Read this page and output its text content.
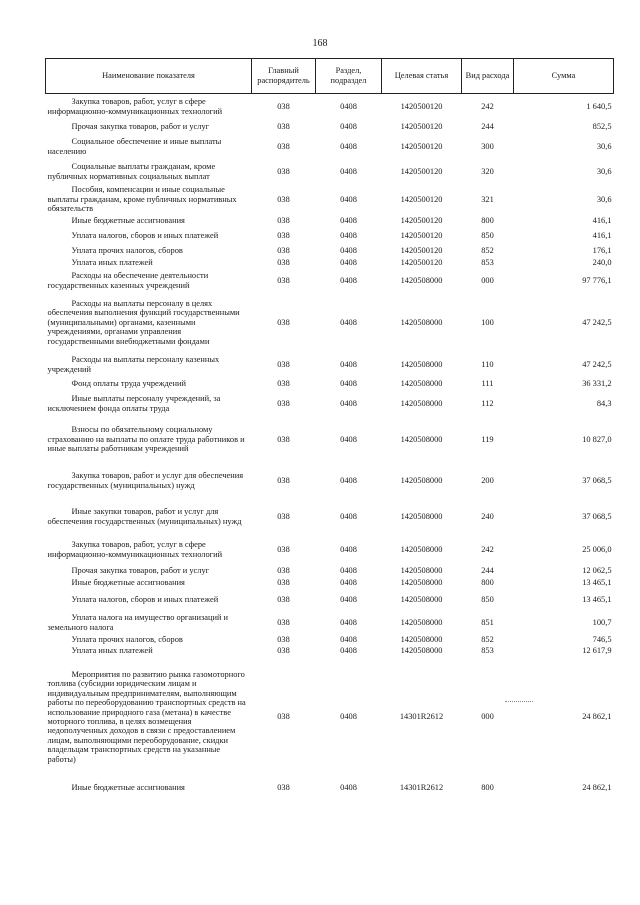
168
Наименование показателя	Главный распорядитель	Раздел, подраздел	Целевая статья	Вид расхода	Сумма

Закупка товаров, работ, услуг в сфере информационно-коммуникационных технологий	038	0408	1420500120	242	1 640,5

Прочая закупка товаров, работ и услуг	038	0408	1420500120	244	852,5

Социальное обеспечение и иные выплаты населению	038	0408	1420500120	300	30,6

Социальные выплаты гражданам, кроме публичных нормативных социальных выплат	038	0408	1420500120	320	30,6

Пособия, компенсации и иные социальные выплаты гражданам, кроме публичных нормативных обязательств	038	0408	1420500120	321	30,6

Иные бюджетные ассигнования	038	0408	1420500120	800	416,1

Уплата налогов, сборов и иных платежей	038	0408	1420500120	850	416,1

Уплата прочих налогов, сборов	038	0408	1420500120	852	176,1

Уплата иных платежей	038	0408	1420500120	853	240,0

Расходы на обеспечение деятельности государственных казенных учреждений	038	0408	1420508000	000	97 776,1

Расходы на выплаты персоналу в целях обеспечения выполнения функций государственными (муниципальными) органами, казенными учреждениями, органами управления государственными внебюджетными фондами	038	0408	1420508000	100	47 242,5

Расходы на выплаты персоналу казенных учреждений	038	0408	1420508000	110	47 242,5

Фонд оплаты труда учреждений	038	0408	1420508000	111	36 331,2

Иные выплаты персоналу учреждений, за исключением фонда оплаты труда	038	0408	1420508000	112	84,3

Взносы по обязательному социальному страхованию на выплаты по оплате труда работников и иные выплаты работникам учреждений	038	0408	1420508000	119	10 827,0

Закупка товаров, работ и услуг для обеспечения государственных (муниципальных) нужд	038	0408	1420508000	200	37 068,5

Иные закупки товаров, работ и услуг для обеспечения государственных (муниципальных) нужд	038	0408	1420508000	240	37 068,5

Закупка товаров, работ, услуг в сфере информационно-коммуникационных технологий	038	0408	1420508000	242	25 006,0

Прочая закупка товаров, работ и услуг	038	0408	1420508000	244	12 062,5

Иные бюджетные ассигнования	038	0408	1420508000	800	13 465,1

Уплата налогов, сборов и иных платежей	038	0408	1420508000	850	13 465,1

Уплата налога на имущество организаций и земельного налога	038	0408	1420508000	851	100,7

Уплата прочих налогов, сборов	038	0408	1420508000	852	746,5

Уплата иных платежей	038	0408	1420508000	853	12 617,9

Мероприятия по развитию рынка газомоторного топлива (субсидии юридическим лицам и индивидуальным предпринимателям, выполняющим работы по переоборудованию транспортных средств на использование природного газа (метана) в качестве моторного топлива, в целях возмещения недополученных доходов в связи с предоставлением лицам, выполняющими переоборудование, скидки владельцам транспортных средств на указанные работы)	038	0408	14301R2612	000	24 862,1

Иные бюджетные ассигнования	038	0408	14301R2612	800	24 862,1
